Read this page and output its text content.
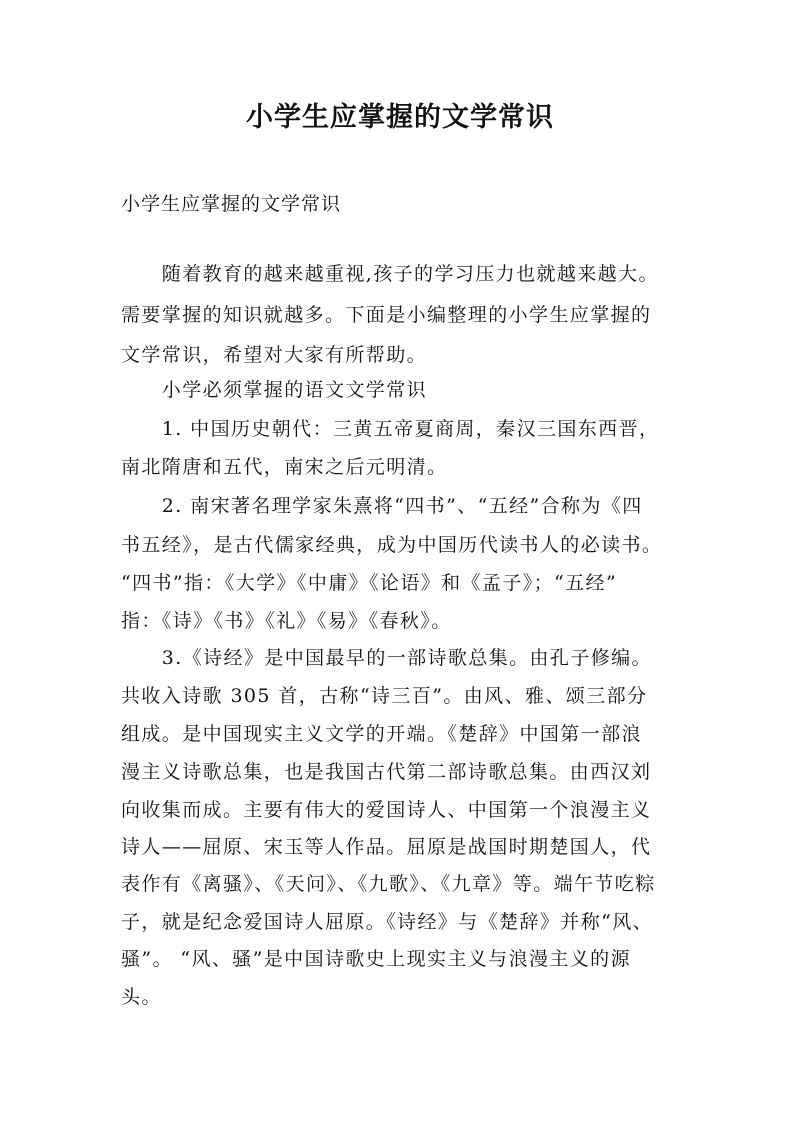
小学生应掌握的文学常识
小学生应掌握的文学常识
　　随着教育的越来越重视,孩子的学习压力也就越来越大。
需要掌握的知识就越多。下面是小编整理的小学生应掌握的
文学常识，希望对大家有所帮助。
　　小学必须掌握的语文文学常识
　　1. 中国历史朝代：三黄五帝夏商周，秦汉三国东西晋，
南北隋唐和五代，南宋之后元明清。
　　2. 南宋著名理学家朱熹将“四书”、“五经”合称为《四
书五经》，是古代儒家经典，成为中国历代读书人的必读书。
“四书”指：《大学》《中庸》《论语》和《孟子》；“五经”
指：《诗》《书》《礼》《易》《春秋》。
　　3.《诗经》是中国最早的一部诗歌总集。由孔子修编。
共收入诗歌 305 首，古称“诗三百”。由风、雅、颂三部分
组成。是中国现实主义文学的开端。《楚辞》中国第一部浪
漫主义诗歌总集，也是我国古代第二部诗歌总集。由西汉刘
向收集而成。主要有伟大的爱国诗人、中国第一个浪漫主义
诗人——屈原、宋玉等人作品。屈原是战国时期楚国人，代
表作有《离骚》、《天问》、《九歌》、《九章》等。端午节吃粽
子，就是纪念爱国诗人屈原。《诗经》与《楚辞》并称“风、
骚”。 “风、骚”是中国诗歌史上现实主义与浪漫主义的源
头。
